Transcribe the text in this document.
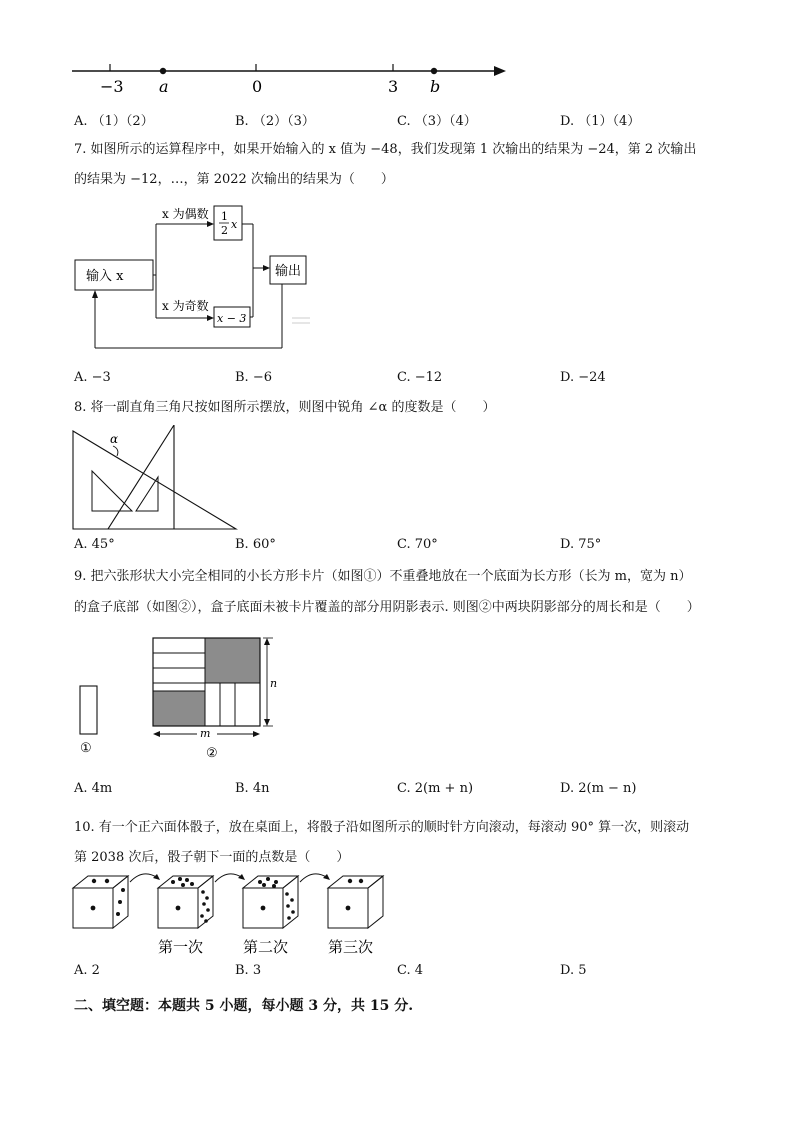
−3 a	0	3 b
A. （1）（2）	B. （2）（3）	C. （3）（4）	D. （1）（4）
7. 如图所示的运算程序中，如果开始输入的 x 值为 −48，我们发现第 1 次输出的结果为 −24，第 2 次输出
的结果为 −12，…，第 2022 次输出的结果为（　　）
输入 x
x 为偶数
x 为奇数
1
2 x
x − 3
输出
A. −3	B. −6	C. −12	D. −24
8. 将一副直角三角尺按如图所示摆放，则图中锐角 ∠α 的度数是（　　）
α
A. 45°	B. 60°	C. 70°	D. 75°
9. 把六张形状大小完全相同的小长方形卡片（如图①）不重叠地放在一个底面为长方形（长为 m，宽为 n）
的盒子底部（如图②），盒子底面未被卡片覆盖的部分用阴影表示. 则图②中两块阴影部分的周长和是（　　）
①
n
m
②
A. 4m	B. 4n	C. 2(m + n)	D. 2(m − n)
10. 有一个正六面体骰子，放在桌面上，将骰子沿如图所示的顺时针方向滚动，每滚动 90° 算一次，则滚动
第 2038 次后，骰子朝下一面的点数是（　　）
第一次	第二次	第三次
A. 2	B. 3	C. 4	D. 5
二、填空题：本题共 5 小题，每小题 3 分，共 15 分.
